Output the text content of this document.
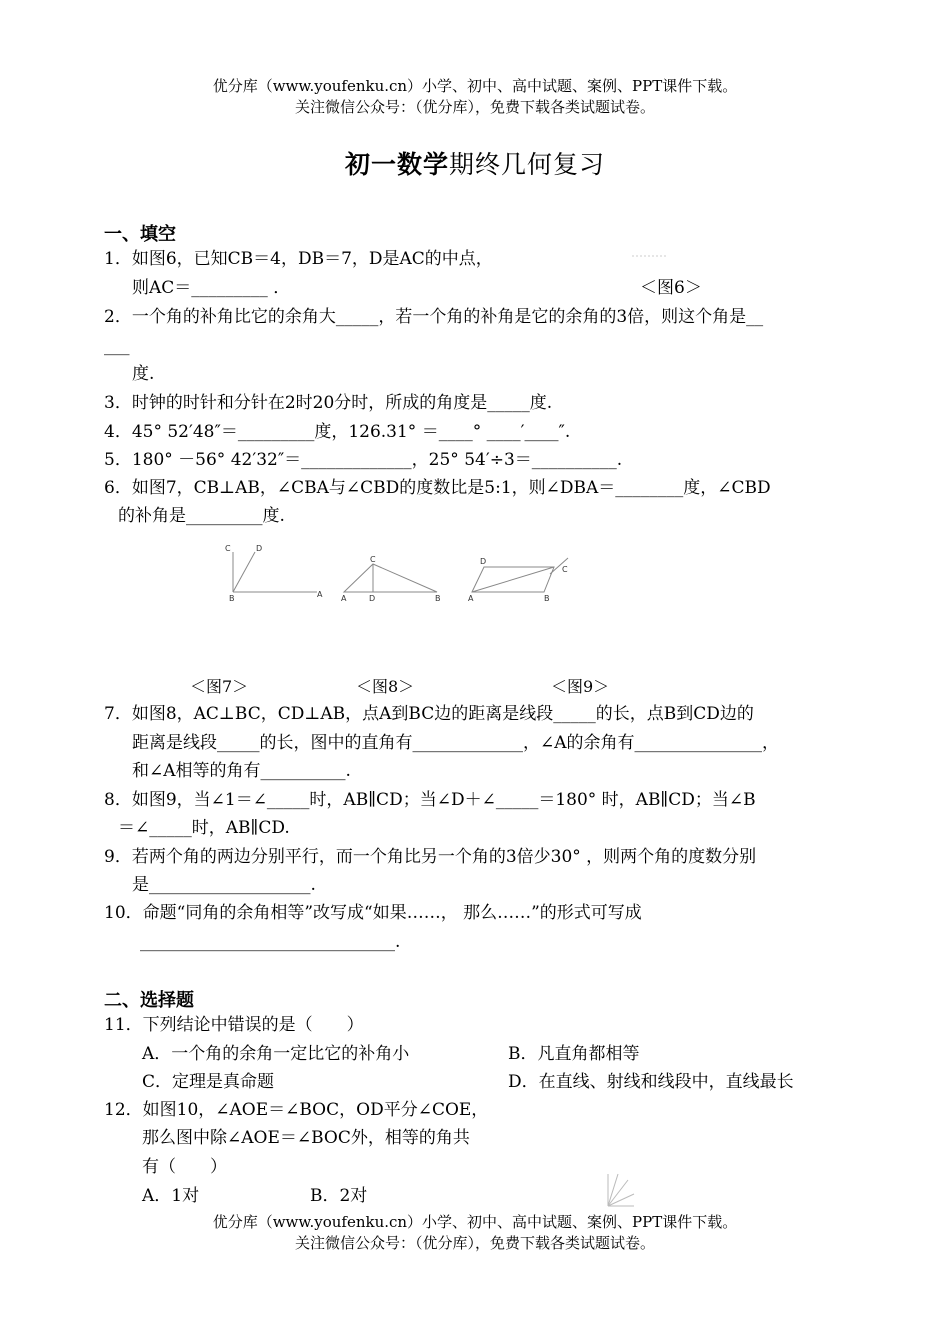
优分库（www.youfenku.cn）小学、初中、高中试题、案例、PPT课件下载。
关注微信公众号：（优分库），免费下载各类试题试卷。
初一数学期终几何复习
一、填空
1．如图6，已知CB＝4，DB＝7，D是AC的中点，
则AC＝_________ ．	＜图6＞
2．一个角的补角比它的余角大_____，若一个角的补角是它的余角的3倍，则这个角是__
___
度.
3．时钟的时针和分针在2时20分时，所成的角度是_____度.
4．45° 52′48″＝_________度，126.31° ＝____° ____′____″.
5．180° －56° 42′32″＝_____________，25° 54′÷3＝__________.
6．如图7，CB⊥AB，∠CBA与∠CBD的度数比是5:1，则∠DBA＝________度，∠CBD
的补角是_________度.
C	D
B	A
C
A	D	B
D
C
A	B
＜图7＞	＜图8＞	＜图9＞
7．如图8，AC⊥BC，CD⊥AB，点A到BC边的距离是线段_____的长，点B到CD边的
距离是线段_____的长，图中的直角有_____________，∠A的余角有_______________，
和∠A相等的角有__________.
8．如图9，当∠1＝∠_____时，AB∥CD；当∠D＋∠_____＝180° 时，AB∥CD；当∠B
＝∠_____时，AB∥CD.
9．若两个角的两边分别平行，而一个角比另一个角的3倍少30° ，则两个角的度数分别
是___________________.
10．命题“同角的余角相等”改写成“如果……， 那么……”的形式可写成
______________________________.
二、选择题
11．下列结论中错误的是（　　）
A．一个角的余角一定比它的补角小	B．凡直角都相等
C．定理是真命题	D．在直线、射线和线段中，直线最长
12．如图10，∠AOE＝∠BOC，OD平分∠COE，
那么图中除∠AOE＝∠BOC外，相等的角共
有（　　）
A．1对	B．2对
优分库（www.youfenku.cn）小学、初中、高中试题、案例、PPT课件下载。
关注微信公众号：（优分库），免费下载各类试题试卷。
